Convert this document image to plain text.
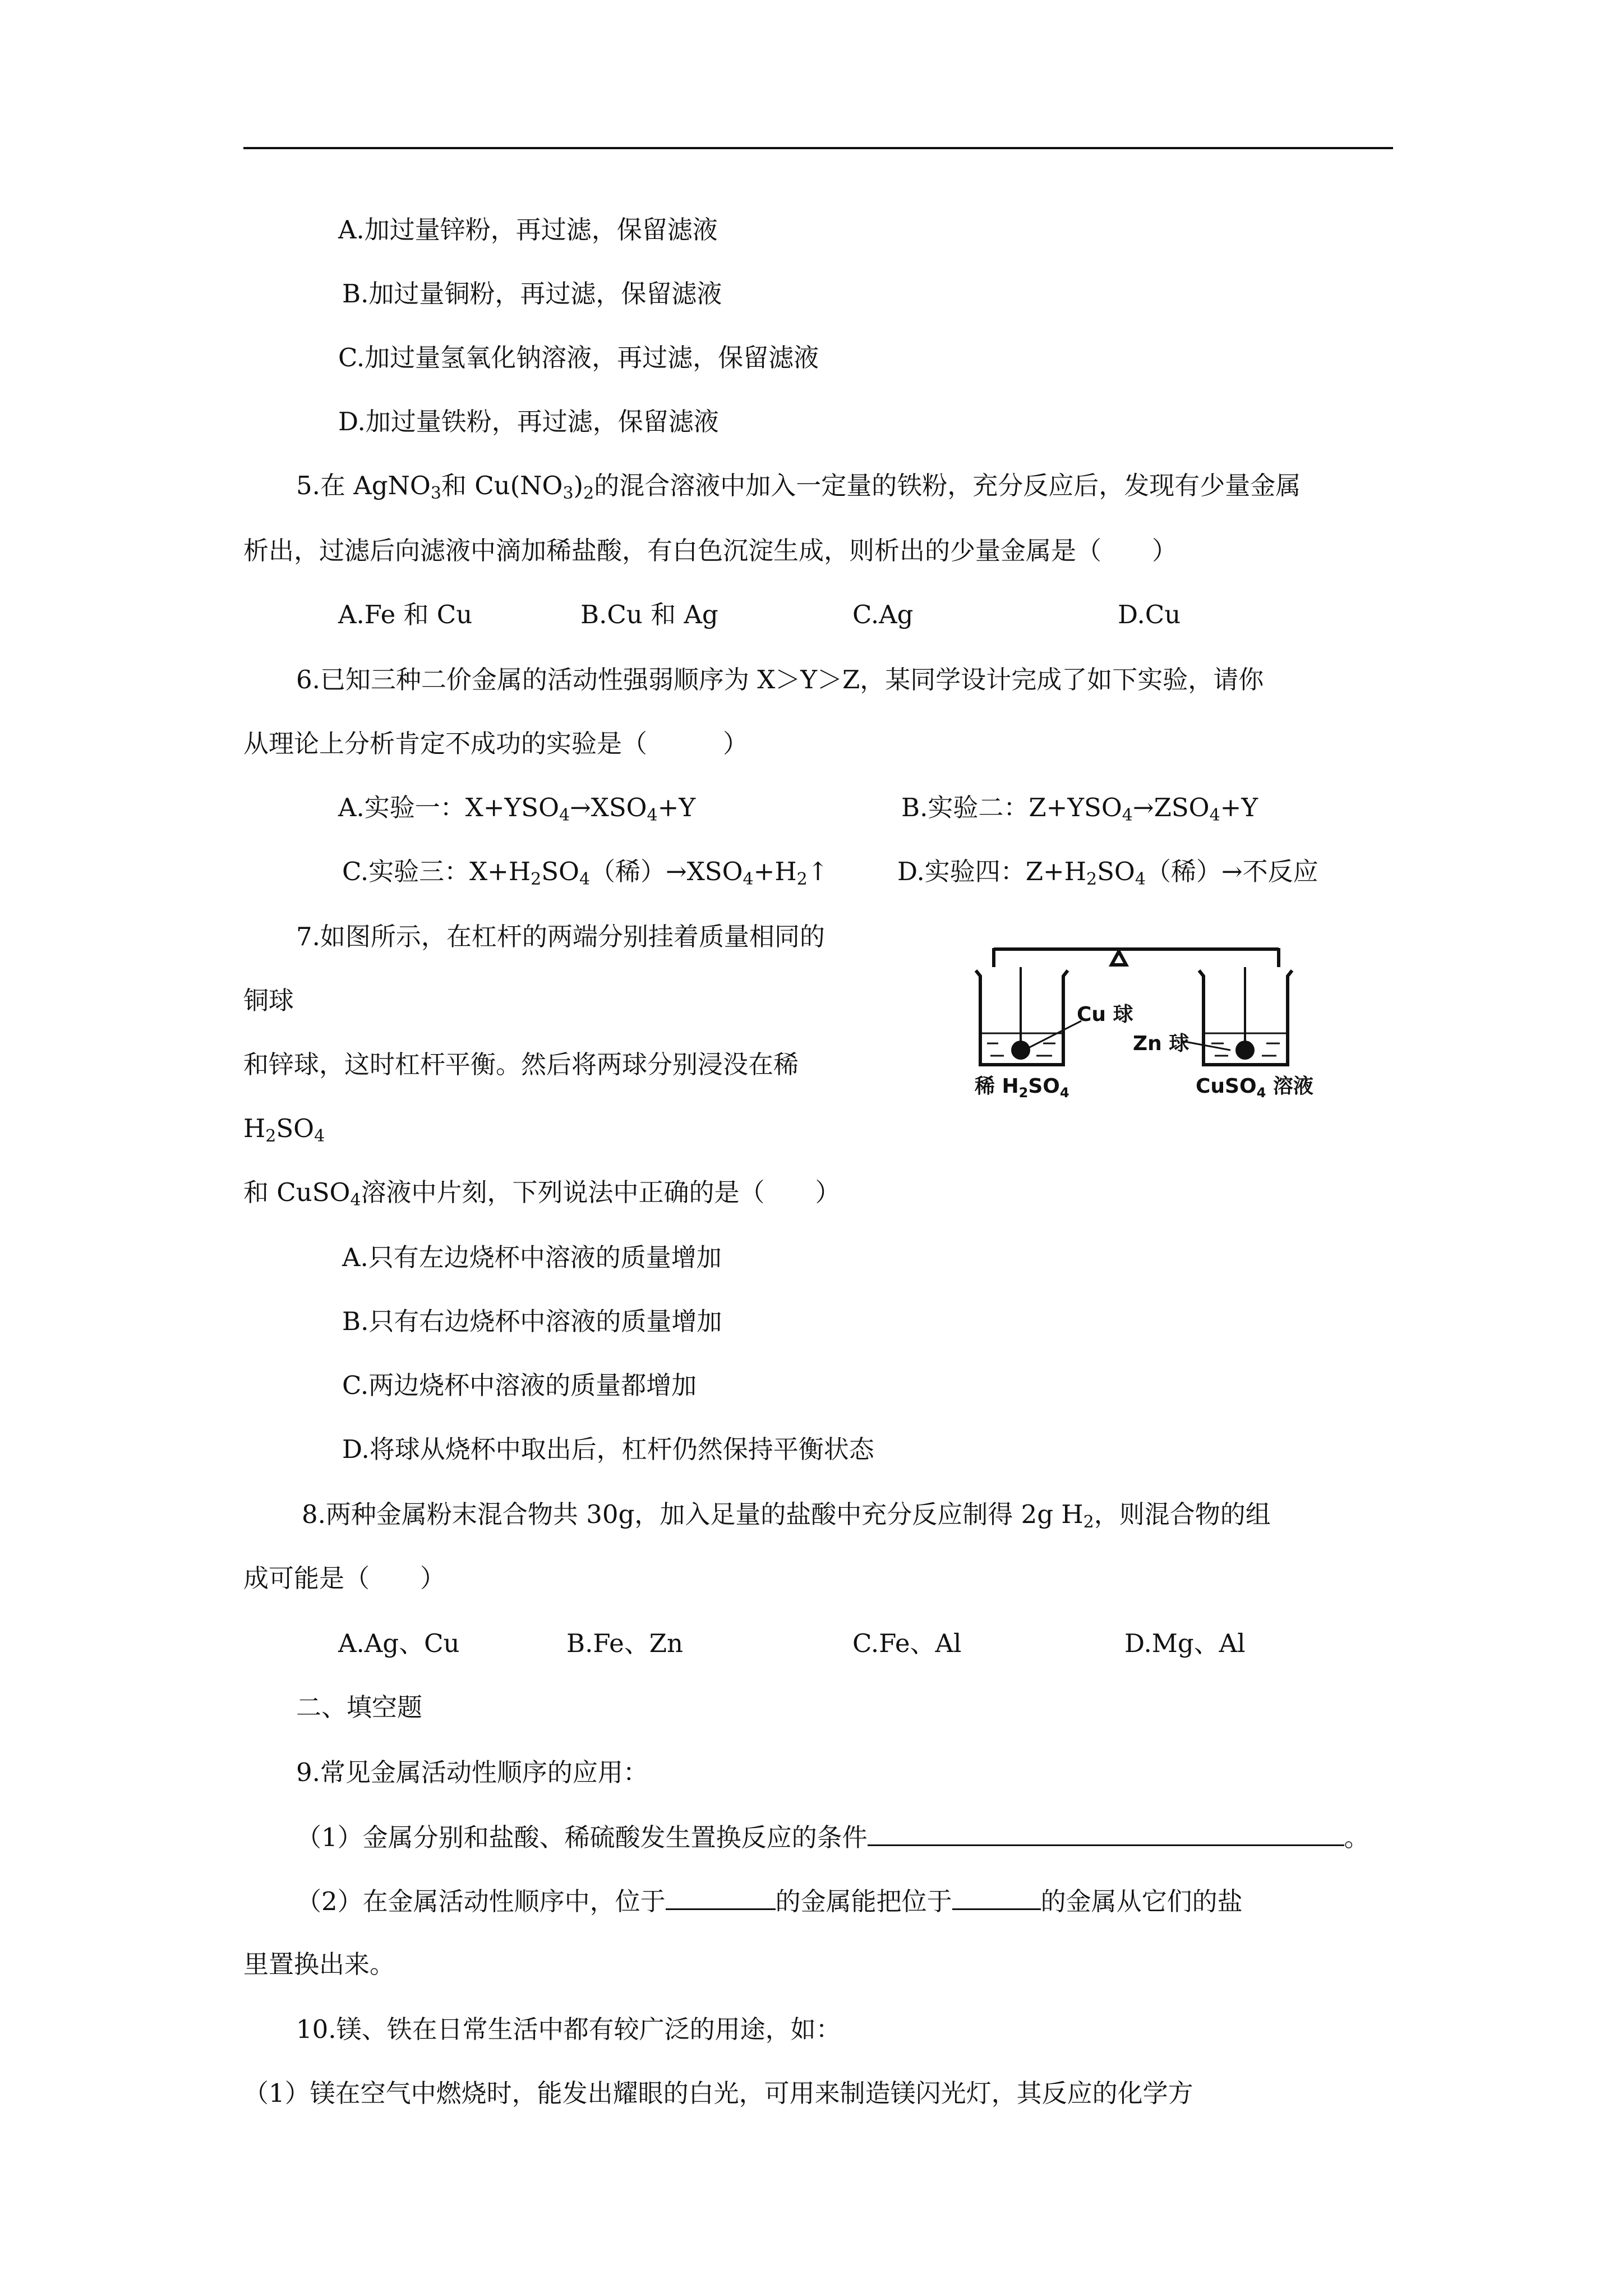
A.加过量锌粉，再过滤，保留滤液
B.加过量铜粉，再过滤，保留滤液
C.加过量氢氧化钠溶液，再过滤，保留滤液
D.加过量铁粉，再过滤，保留滤液
5.在 AgNO$_3$和 $Cu(NO_3)_2$的混合溶液中加入一定量的铁粉，充分反应后，发现有少量金属
析出，过滤后向滤液中滴加稀盐酸，有白色沉淀生成，则析出的少量金属是（　　）
A.Fe 和 Cu	B.Cu 和 Ag	C.Ag	D.Cu
6.已知三种二价金属的活动性强弱顺序为 X＞Y＞Z，某同学设计完成了如下实验，请你
从理论上分析肯定不成功的实验是（　　　）
A.实验一：$X+YSO_4\to XSO_4+Y$	B.实验二：$Z+YSO_4\to ZSO_4+Y$
C.实验三：$X+H_2SO_4$（稀）$\to XSO_4+H_2↑$	D.实验四：$Z+H_2SO_4$（稀）→不反应
7.如图所示，在杠杆的两端分别挂着质量相同的
铜球
和锌球，这时杠杆平衡。然后将两球分别浸没在稀
$H_2SO_4$
和 CuSO$_4$溶液中片刻，下列说法中正确的是（　　）
Cu 球
Zn 球
稀 $H_2SO_4$	CuSO$_4$ 溶液
A.只有左边烧杯中溶液的质量增加
B.只有右边烧杯中溶液的质量增加
C.两边烧杯中溶液的质量都增加
D.将球从烧杯中取出后，杠杆仍然保持平衡状态
8.两种金属粉末混合物共 30g，加入足量的盐酸中充分反应制得 2g $H_2$，则混合物的组
成可能是（　　）
A.Ag、Cu	B.Fe、Zn	C.Fe、Al	D.Mg、Al
二、填空题
9.常见金属活动性顺序的应用：
（1）金属分别和盐酸、稀硫酸发生置换反应的条件	。
（2）在金属活动性顺序中，位于	的金属能把位于	的金属从它们的盐
里置换出来。
10.镁、铁在日常生活中都有较广泛的用途，如：
（1）镁在空气中燃烧时，能发出耀眼的白光，可用来制造镁闪光灯，其反应的化学方
